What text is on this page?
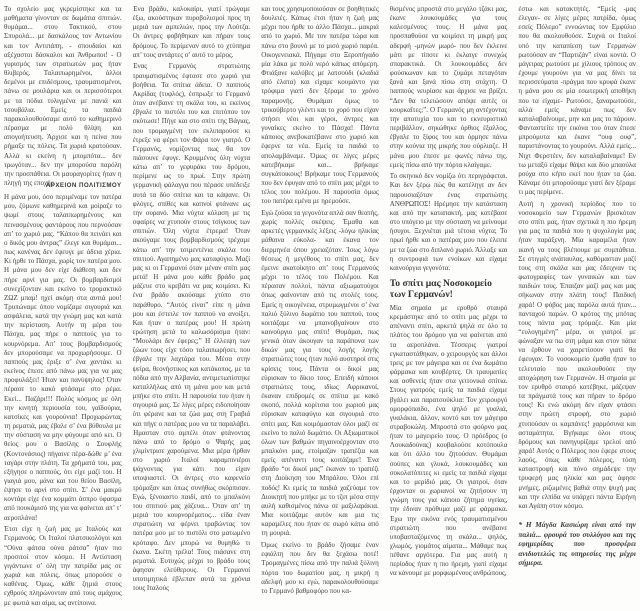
Το σχολείο μας γκρεμίστηκε και τα μαθήματα γίνονταν σε δωμάτια σπιτιών. θυμάμαι... στου Τακτικού, στου Σπυρολά... με δασκάλους τον Αντωνίου και τον Αντιπάπη, - σπουδαίοι και αξέχαστοι δάσκαλοι και Άνθρωποι! - Ο γυρισμός των στρατιωτών μας ήταν θλιβερός. Ταλαιπωρημένοι, άλλοι δεμένοι με επιδέσμους, τραυματισμένοι, πάνω σε μουλάρια και οι περισσότεροι με τα πόδια τυλιγμένα με πανιά και τσουβάλια. Εμείς τα παιδιά παρακολουθούσαμε αυτό το καθημερινό πέρασμα με πολύ θλίψη και απογοήτευση. Άρχισε και η πείνα που ρήμαξε τις πόλεις. Τα χωριά κρατούσαν. Αλλά κι εκείνη η μπομπότα... δεν τρωγόταν... δεν την μπορούσα παρόλη την προσπάθεια. Οι μαυραγορίτες ήταν η πληγή της εποχής.

ΑΡΧΕΙΟΝ ΠΟΛΙΤΙΣΜΟΥ

Η μάνα μου, όσο περιμέναμε τον πατέρα μου, ζύμωνε καθημερινά και μοίραζε το ψωμί στους ταλαιπωρημένους και πεινασμένους φαντάρους που περνούσαν απ’ το χωριό μας. “Κάπου θα πεινάει και ο δικός μου άντρας” έλεγε και θυμάμαι... πως κανένας δεν έφευγε με άδεια χέρια. Κι ήρθε το Πάσχα, χωρίς τον πατέρα μου. Η μάνα μου δεν είχε διάθεση και δεν πήρε αρνί για μας. Οι βομβαρδισμοί συνεχίζονταν και εκείνο το τρομακτικό ΖΩΖ μπαμ! ηχεί ακόμη στα αυτιά μου! Τρυπώναμε όπου νομίζαμε σιγουριά και ασφάλεια, κατά την γνώμη μας και κατά την περίσταση. Αυτήν τη μέρα του Πάσχα, μας πήρε ο παππούς για το κουρνόρεμα. Απ’ τους βομβαρδισμούς δεν μπορούσαμε να προχωρήσουμε. Ο παππούς μας έριξε σ’ ένα χαντάκι κι εκείνος έπεσε από πάνω μας για να μας προφυλάξει! Ήταν και πανύψηλος! Όταν πέρασε το κακό φτάσαμε στο ρέμα. Εκεί... Παζάρι!!! Πολύς κόσμος με όλη την κινητή περιουσία του, γαϊδούρια, κατσίκες και γουρούνια! Προχωρώντας τη ρεματιά, μας έβαλε σ’ ένα βύθουλα με την σύσταση να μην φύγουμε από κει. Ο θείος μου ο Βασίλης ο Σουφλής (Κοντονάσιος) πήγαινε πέρα-δώθε μ’ ένα ταγάρι στην πλάτη. Τα χρήματά του, μας εξήγησε ο παππούς, ότι είχε μαζί του. Η γιαγιά μου, μάνα και του θείου Βασίλη, έψησε το αρνί στο σπίτι. Σ’ ένα μακρύ κοντάρι είχε ένα κομμάτι άσπρο ύφασμα από πουκάμισό της για να φαίνεται απ’ τ’ αεροπλάνα!

Έτσι είχε η ζωή μας με Ιταλούς και Γερμανούς. Οι Ιταλοί πλατσικολόγοι και “Ούνα φάτσα ούνα ράτσα” ήταν πιο προσιτοί στον κόσμο. Η Αντίσταση γιγάντωνε σ’ όλη την πατρίδα μας σε χωριά και πόλεις, όπως μπορούσε ο καθένας. Όμως, κάθε ζημιά στους εχθρούς πληρώνονταν από τους αμάχους με φωτιά και αίμα, ως αντίποινα.

Ένα βράδυ, καλοκαίρι, γιατί τρώγαμε έξω, ακούστηκαν πυροβολισμοί προς τη μεριά των αμπελιών, προς την Λούτζα. Οι άντρες φοβήθηκαν και πήραν τους δρόμους. Το περίμεναν αυτό το χτύπημα απ’ τους αντάρτες σ’ αυτό το μέρος.

Ένας Γερμανός στρατιώτης τραυματισμένος έφτασε στο χωριό για βοήθεια. Τα σπίτια άδεια. Ο παππούς Ακρίδας (τυφλός), έσπρωξε το Γερμανό όταν ανέβαινε τη σκάλα του, κι εκείνος έβγαλε το πιστόλι του και επιτόπου τον σκότωσε! Πήγε και στο σπίτι της Βάγιας, που τρομαγμένη τον εκλιπαρούσε κι έτρεξε να φέρει τον Φάρα τον γιατρό. Ο Γερμανός, νομίζοντας πως θα τον πιάσουνε έφυγε. Κρυμμένος όλη νύχτα κάτω απ’ το γεφυράκι του δρόμου, περίμενε ως το πρωί. Στην πρώτη γερμανική φάλαγγα που πέρασε υπέδειξε αυτά τα δύο σπίτια και τα κάψανε. Οι φλόγες, σπίθες και καπνοί φτάνανε ως την ουρανό. Μια νύχτα κόλαση με τις σφαίρες να χτυπούν στους τσίγκους των σπιτιών. Όλη νύχτα έτρεμα! Όταν ακούγαμε τους βομβαρδισμούς τρέχαμε κάτω απ’ την τσιμεντένια σκάλα του σπιτιού. Αγαπημένο μας καταφύγιο. Μαζί μας κι οι Γερμανοί όταν μέναν σπίτι μας μετά! Η μάνα μου κάθε βράδυ μας μάζευε στο κρεβάτι να μας κοιμίσει. Κι ένα βράδυ ακούσαμε χτύπο στο παράθυρο. “Αυτός είναι” είπε η μάνα μου και έστειλε τον παππού να ανοίξει. Και ήταν ο πατέρας μου! Η πρώτη ερώτηση μετά το καλωσόρισμα ήταν: “Μουλάρι δεν έφερες;” Η έλλειψη των ζώων τους είχε τόσο ταλαιπωρήσει, που έβγαλε την λαχτάρα του. Μέσα στην ψείρα, θεονήστικος και κατάκοπος, με τα πόδια από την Αλβανία, αντιμετωπίστηκε καταλλήλως από τη μάνα μου και μετά μπήκε στο σπίτι. Η παρουσία του ήταν η σιγουριά μας. Σε λίγες μέρες ειδοποίησαν ότι φέρανε και τα ζώα μας στη Γραβιά και πήγε ο πατέρας μου να τα παραλάβει. Ήμασταν στο αμπέλι όταν φτάνοντας πάνω από το δρόμο ο Ψαρής μας χλιμίντρισε χαρούμενα. Μια μέρα ήρθαν στο χωριό Ιταλοί καραμπινιέροι ψάχνοντας για κάτι που είχαν υποψιαστεί. Οι άντρες στο καφενείο τρόμαξαν και όπως συνήθως σκόρπισαν. Εγώ, ξένοιαστο παιδί, από το μπαλκόνι του σπιτιού μας χάζευα... Όταν απ’ τη μεριά του κουρνορέματος... είδα έναν στρατιώτη να φέρνει τραβώντας τον πατέρα μου με το πιστόλι στο ματωμένο κρόταφο. Δεν μπορώ να θυμηθώ τι έκανα. Σκέτη τρέλα! Τους πιάσανε στη ρεματιά. Ευτυχώς μέχρι το βράδυ τους άφησαν ελεύθερους. Οι Γερμανοί υποτιμητικά έβλεπαν αυτά τα χρόνια τους Ιταλούς

και τους χρησιμοποιούσαν σε βοηθητικές δουλειές. Κάπως έτσι ήταν η ζωή μας μέχρι που ήρθε το άλλο Πάσχα... μακριά από το χωριό. Με τον πατέρα τώρα και πάνω στο βουνό με το μισό χωριό παρέα. Οικογενειακά. Πήγαμε στο Ξεροπήγαδο μία λάκα με πολύ νερό κάπως απόμερη. Φτιάξανε καλύβες με λατσούδι (κλαδιά από έλατα) και είχαμε κουμάντο για τρόφιμα γιατί δεν ξέραμε το χρόνο παραμονής. Θυμάμαι όμως το τρικούβερτο γλέντι και το χορό που είχαν στήσει νέοι και γέροι, άντρες και γυναίκες εκείνο το Πάσχα! Πάντα κάποιος ανεβοκατέβαινε στο χωριό και έφερνε τα νέα. Εμείς τα παιδιά το απολαμβάναμε. Όμως σε λίγες μέρες κατεβήκαμε και... βρήκαμε συγκάτοικους! Βρήκαμε τους Γερμανούς που δεν έφυγαν από το σπίτι μας μέχρι το τέλος του πολέμου. Η παρουσία όμως του πατέρα εμένα με ηρεμούσε.

Εγώ ζούσα τα γεγονότα απλά σαν θεατής, χωρίς πολλές σκέψεις. Έμαθα και αρκετές γερμανικές λέξεις -λόγω ηλικίας μάθαινα εύκολα- και έκανα τον διερμηνέα όπου χρειαζόταν. Ίσως λόγω θέσεως ή μεγέθους το σπίτι μας, δεν έμεινε ακατοίκητο απ’ τους Γερμανούς μέχρι το τέλος του Πολέμου. Και πέρασαν πολλοί, πάντα αξιωματούχοι όπως φαίνονταν από τις στολές τους. Εμείς η οικογένεια, στρυμωγμένοι σ’ ένα παλιό ξύλινο δωμάτιο του παππού, τους κοιτάζαμε να μπαινοβγαίνουν στο καινούργιο μας σπίτι! Θυμάμαι, πως γενικά όταν άκουγαν τα παράπονα των δικών μας για τους λογής λογής στρατιώτες τους ήταν πολύ αυστηροί στις κρίσεις τους. Πάντα οι δικοί μας εύρισκαν το δίκιο τους. Επειδή κάποιοι στρατιώτες τους, ιδίως Αφρικανοί, έκαναν επιδρομές σε σπίτια με κακό σκοπό, πολλά κορίτσια του χωριού μας εύρισκαν καταφύγιο και σιγουριά στο σπίτι μας. Και κοιμόμασταν όλοι μαζί σε εκείνο το παλιό δωμάτιο. Οι Αξιωματικοί όλων των βαθμών πηγαινοέρχονταν στο μπαλκόνι μας, ετοίμαζαν τραπέζια και εμείς απέναντι τους κοιτάζαμε! Ένα βράδυ “οι δικοί μας” έκαναν το τραπέζι στη Διοίκηση του Μπράλου. Όλοι επί ποδός! Κι εμείς τα παιδιά χαζεύαμε τον Διοικητή που μπήκε με το τζιπ μέσα στην αυλή καθισμένος πάνω σε μαξιλαράκια. Μια κοιτάζαμε αυτόν και μια τις καραμέλες που ήταν σε σωρό κάτω από τη μουριά.

Όμως εκείνο το βράδυ ζήσαμε έναν εφιάλτη που δεν θα ξεχάσω ποτέ! Τρομαγμένες πίσω από την παλιά ξύλινη πόρτα του δωματίου μας, η μικρή η αδελφή μου κι εγώ, παρακολουθούσαμε το Γερμανό βαθμοφόρο που κα-

θισμένος μπροστά στο μεγάλο τζάκι μας, έκανε λουκουμάδες για τους καλεσμένους τους. Η μάνα μας προσπαθούσε να κοιμίσει τη μικρή μας αδερφή -μηνών μωρό- που δεν έκλεινε μάτι με τίποτε κι έκλαιγε συνεχώς σπαρακτικά. Οι λουκουμάδες δεν φούσκωναν και το ζυμάρι πεταγόταν ξανά και ξανά πίσω στη στάχτη. Ο παππούς νευρίασε και άρχισε να βρίζει. “Δεν θα τελειώσουν απόψε αυτές οι κουρκαΐτες;”. Ο Γερμανός μη αντέχοντας την αποτυχία του και το εκνευριστικό περιβάλλον, σηκώθηκε όρθιος έξαλλος, έβγαλε το ξίφος του και όρμησε πάνω στην κούνια της μικρής που ούρλιαζε. Η μάνα μου έπεσε με φωνές πάνω της. εμείς πίσω από την πόρτα κλαίγαμε.

Το σκηνικό δεν νομίζω ότι περιγράφεται. Και δεν ξέρω πώς θα κατέληγε αν δεν παρουσιαζόταν ένας στρατιώτης ΑΝΘΡΩΠΟΣ! Ηρέμησε την κατάσταση και από την καταπακτή, μας κατέβασε στο υπόγειο με την σύσταση να μείνουμε ήσυχοι. Ξεχνιέται μιά τέτοια νύχτα; Το πρωί ήρθε και ο πατέρας μου που έλειπε με τα ζώα στο διπλανό χωριό. Άλλαξε και η συντροφιά των ενοίκων και είχαμε καινούργια γεγονότα.

Το σπίτι μας Νοσοκομείο των Γερμανών!

Μία σημαία με ερυθρό σταυρό κρεμάστηκε από το σπίτι μας μέχρι το απέναντι σπίτι, αρκετά ψηλά σε όλο το πλάτος του δρόμου για να φαίνεται από τα αεροπλάνα. Τέσσερις γιατροί εγκαταστάθηκαν, ο χειρουργός και άλλοι τρεις με τον μάγειρα και σε ένα δωμάτιο φάρμακα και κουβέρτες. Οι τραυματίες και ασθενείς ήταν στα γειτονικά σπίτια. Στους γιατρούς εμείς τα παιδιά είχαμε βγάλει και παρατσούκλια: Τον χειρουργό ομορφόπαιδο, ένα ψηλό με γυαλιά, γυαλάκια, άλλον, κοντό και τον μάγειρα στραβοκώλη. Μπροστά στο φούρνο μας ήταν το μαγειρείο τους. Ο πρόεδρος (ο Λουκαδούνας) κουβαλούσε κοτόπουλα και ότι άλλο του ζητούσαν. Θυμάμαι σούπες και γλυκά, λουκουμάδες και σοκολατόπιτες κι εμείς τα παιδιά είχαμε και το μερίδιό μας. Οι γιατροί, όταν έρχονταν οι χωριανοί να ζητήσουν τη γνώμη τους για κάποιο ζήτημα υγείας, την έδιναν πρόθυμα μαζί με φάρμακα. Έχω την εικόνα ενός τραυματισμένου στρατιώτη που ανέβαινε υποβασταζόμενος τη σκάλα... ψηλός, χλωμός, γιομάτος αίματα... Μάθαμε πως πέθανε αργότερα. Για μας αυτή η περίοδος ήταν η πιο ήρεμη, γιατί είχαμε να κάνουμε με μορφωμένους ανθρώπους,

έστω και κατακτητές. “Εμείς -μας έλεγαν- σε λίγες μέρες πατρίδα, όμως εσείς Πόλεμο” εννοώντας τον Εμφύλιο που θα ακολουθούσε. Συχνά οι Ιταλοί υπό την καταπίεση των Γερμανών ρωτούσαν αν “Παρτιζάν” είναι κοντά. Ο μάγειρας ρωτούσε με χίλιους τρόπους αν έχουμε γουρούνι για να μας δίνει τα περισσεύματα -πράγμα που κρυφά έκανε η μάνα μου σε μία εσωτερική αποθήκη που τα είχαμε- Ρωτούσε, ξαναρωτούσε, αλλά εμείς κάναμε πως δεν καταλαβαίνουμε, μην και μας το πάρουν. Φανταστείτε την εικόνα του όταν έπεσε μπρούμυτα και έκανε “ουφ ουφ”, παριστάνοντας το γουρούνι. Αλλά εμείς... Νιχτ Φερστέεν, δεν καταλαβαίναμε! Εν τω μεταξύ είχαμε θάψει και δύο μπαούλα ρούχα στο κήπο εκεί που ήταν τα ζώα. Κάναμε ότι μπορούσαμε γιατί δεν ξέραμε τι μας περίμενε.

Αυτή η χρονική περίοδος που το νοσοκομείο των Γερμανών βρισκόταν στο σπίτι μας, ήταν σχετικά η πιο ήρεμη για μας τα παιδιά που η ψυχολογία μας ήταν παράξενη. Μία καραμέλα ήταν ικανή να τους βλέπουμε με συμπάθεια. Σε στιγμές ανάπαυλας, καθόμασταν μαζί τους στη σκάλα και μας έδειχναν τις φωτογραφίες των γυναικών και των παιδιών τους. Έπαιζαν μαζί μας και μας σήκωναν στην πλάτη τους! Παιδική χαρά! Ο φόβος μας παρόλα αυτά ήταν... πανταχού παρών. Ο κρότος της μπότας τους πάντα μας τρόμαζε. Και μία “ευλογημένη” μέρα, οι γιατροί με φώναξαν να πω στη μάμα και στον πάπα να έρθουν να χαιρετίσουν γιατί θα έφευγαν. Το νοσοκομείο έμαθα ήταν το τελευταίο που ακολουθούσε την αποχώρηση των Γερμανών. Η σημαία με τον ερυθρό σταυρό κατέβηκε, μάζεψαν τα πράγματά τους και πήραν το δρόμο τους! Κι ενώ ακόμη δεν είχαν φτάσει στην πρώτη στροφή, στο χωριό χτυπούσαν οι καμπάνες! χαρμόσυνα και ασταμάτητα. Βγήκαμε όλοι στους δρόμους και πανηγυρίζαμε τρελοί από χαρά! Αυτός ο Πόλεμος που έφερε στους λαούς, όπως κάθε πόλεμος, τόση καταστροφή και πόνο σημάδεψε την τρυφερή μας ηλικία και μας άφησε μνήμες, ριζωμένες βαθιά στην ψυχή μας και την ελπίδα να υπάρχει πάντα Ειρήνη και Αγάπη στον κόσμο.

* Η Μάγδα Κασιώρη είναι από την παλιά... φρουρά του συλλόγου και της εφημερίδας που προσφέρει ανιδιοτελώς τις υπηρεσίες της μέχρι σήμερα.
